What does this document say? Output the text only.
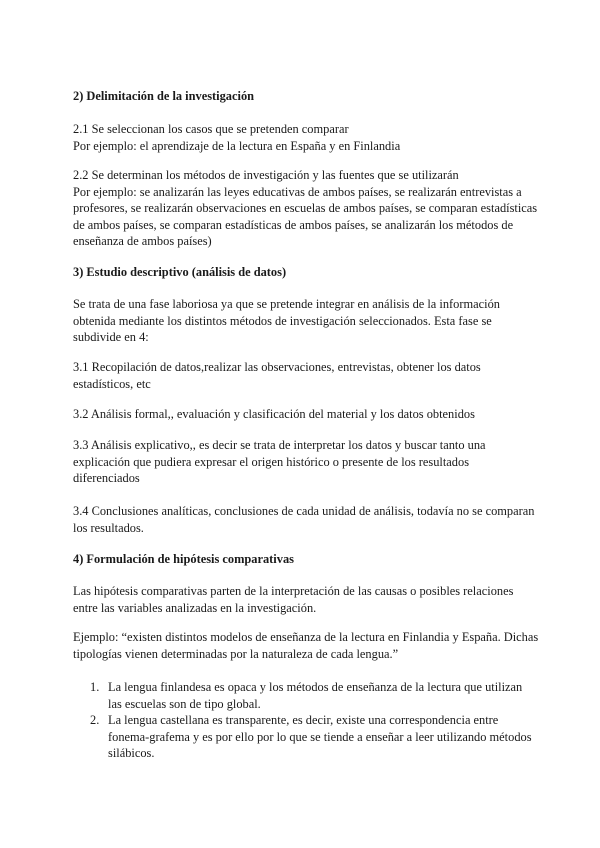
2) Delimitación de la investigación
2.1 Se seleccionan los casos que se pretenden comparar
Por ejemplo: el aprendizaje de la lectura en España y en Finlandia
2.2 Se determinan los métodos de investigación y las fuentes que se utilizarán
Por ejemplo: se analizarán las leyes educativas de ambos países, se realizarán entrevistas a
profesores, se realizarán observaciones en escuelas de ambos países, se comparan estadísticas
de ambos países, se comparan estadísticas de ambos países, se analizarán los métodos de
enseñanza de ambos países)
3) Estudio descriptivo (análisis de datos)
Se trata de una fase laboriosa ya que se pretende integrar en análisis de la información
obtenida mediante los distintos métodos de investigación seleccionados. Esta fase se
subdivide en 4:
3.1 Recopilación de datos,realizar las observaciones, entrevistas, obtener los datos
estadísticos, etc
3.2 Análisis formal,, evaluación y clasificación del material y los datos obtenidos
3.3 Análisis explicativo,, es decir se trata de interpretar los datos y buscar tanto una
explicación que pudiera expresar el origen histórico o presente de los resultados
diferenciados
3.4 Conclusiones analíticas, conclusiones de cada unidad de análisis, todavía no se comparan
los resultados.
4) Formulación de hipótesis comparativas
Las hipótesis comparativas parten de la interpretación de las causas o posibles relaciones
entre las variables analizadas en la investigación.
Ejemplo: “existen distintos modelos de enseñanza de la lectura en Finlandia y España. Dichas
tipologías vienen determinadas por la naturaleza de cada lengua.”
1. La lengua finlandesa es opaca y los métodos de enseñanza de la lectura que utilizan
las escuelas son de tipo global.
2. La lengua castellana es transparente, es decir, existe una correspondencia entre
fonema-grafema y es por ello por lo que se tiende a enseñar a leer utilizando métodos
silábicos.
